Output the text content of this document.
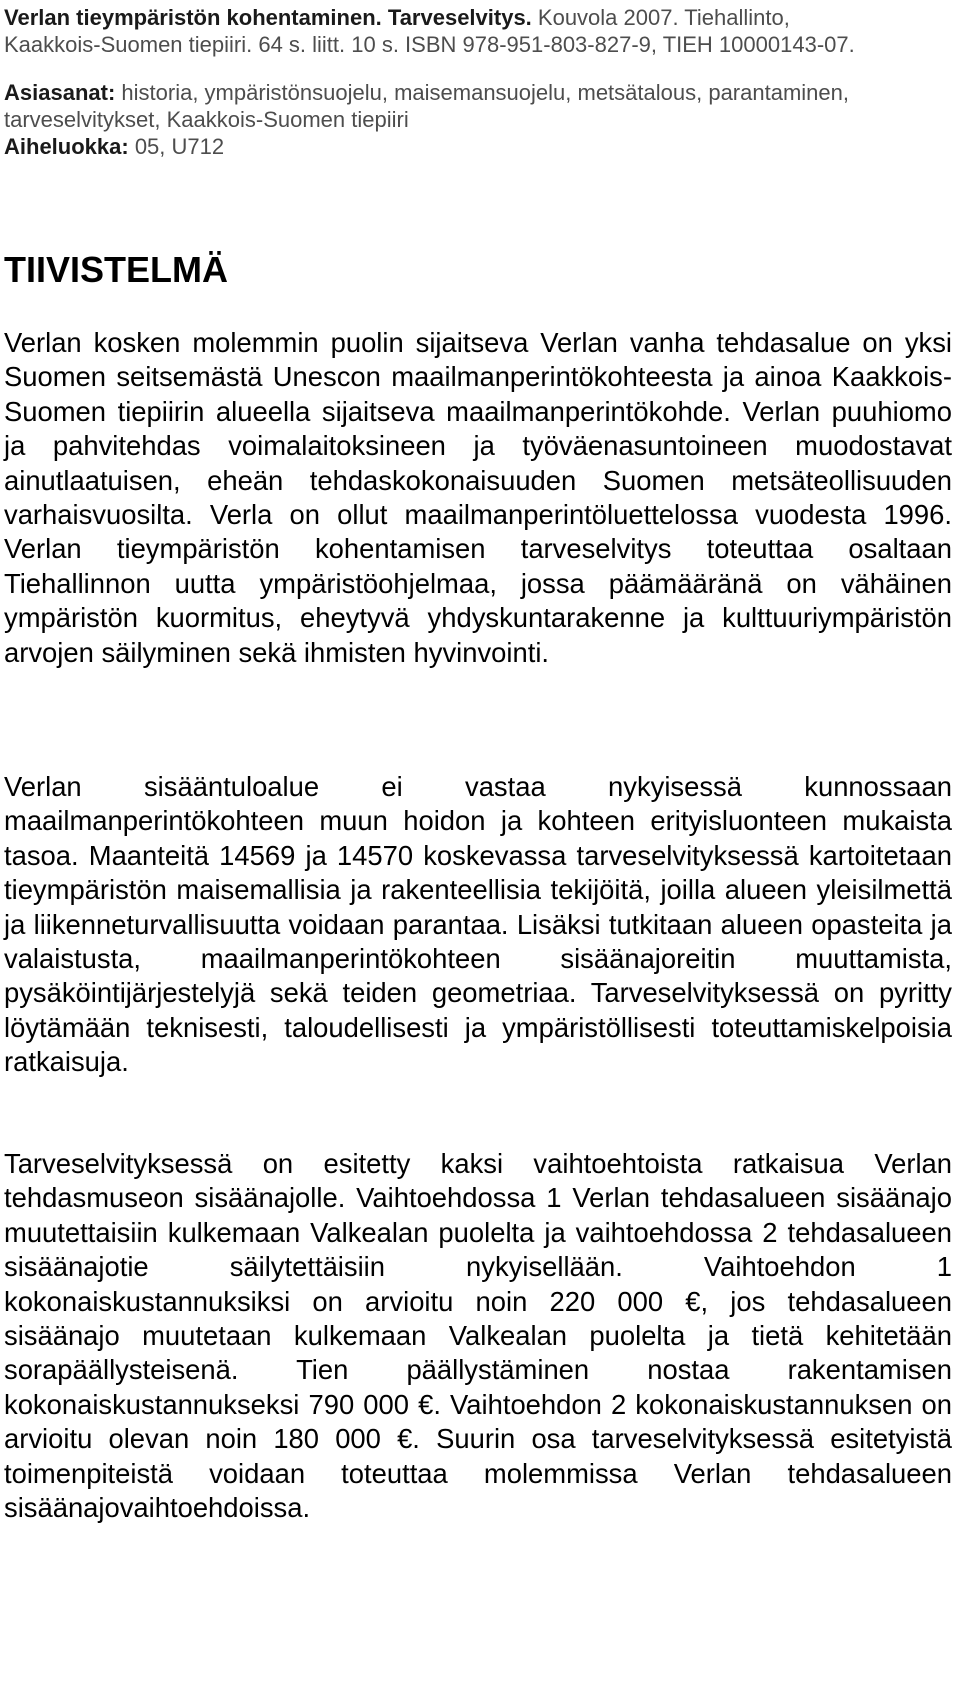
Verlan tieympäristön kohentaminen. Tarveselvitys. Kouvola 2007. Tiehallinto,
Kaakkois-Suomen tiepiiri. 64 s. liitt. 10 s. ISBN 978-951-803-827-9, TIEH 10000143-07.
Asiasanat: historia, ympäristönsuojelu, maisemansuojelu, metsätalous, parantaminen, tarveselvitykset, Kaakkois-Suomen tiepiiri
Aiheluokka: 05, U712
TIIVISTELMÄ

Verlan kosken molemmin puolin sijaitseva Verlan vanha tehdasalue on yksi Suomen seitsemästä Unescon maailmanperintökohteesta ja ainoa Kaakkois-Suomen tiepiirin alueella sijaitseva maailmanperintökohde. Verlan puuhiomo ja pahvitehdas voimalaitoksineen ja työväenasuntoineen muodostavat ainutlaatuisen, eheän tehdaskokonaisuuden Suomen metsäteollisuuden varhaisvuosilta. Verla on ollut maailmanperintöluettelossa vuodesta 1996. Verlan tieympäristön kohentamisen tarveselvitys toteuttaa osaltaan Tiehallinnon uutta ympäristöohjelmaa, jossa päämääränä on vähäinen ympäristön kuormitus, eheytyvä yhdyskuntarakenne ja kulttuuriympäristön arvojen säilyminen sekä ihmisten hyvinvointi.

Verlan sisääntuloalue ei vastaa nykyisessä kunnossaan maailmanperintökohteen muun hoidon ja kohteen erityisluonteen mukaista tasoa. Maanteitä 14569 ja 14570 koskevassa tarveselvityksessä kartoitetaan tieympäristön maisemallisia ja rakenteellisia tekijöitä, joilla alueen yleisilmettä ja liikenneturvallisuutta voidaan parantaa. Lisäksi tutkitaan alueen opasteita ja valaistusta, maailmanperintökohteen sisäänajoreitin muuttamista, pysäköintijärjestelyjä sekä teiden geometriaa. Tarveselvityksessä on pyritty löytämään teknisesti, taloudellisesti ja ympäristöllisesti toteuttamiskelpoisia ratkaisuja.

Tarveselvityksessä on esitetty kaksi vaihtoehtoista ratkaisua Verlan tehdasmuseon sisäänajolle. Vaihtoehdossa 1 Verlan tehdasalueen sisäänajo muutettaisiin kulkemaan Valkealan puolelta ja vaihtoehdossa 2 tehdasalueen sisäänajotie säilytettäisiin nykyisellään. Vaihtoehdon 1 kokonaiskustannuksiksi on arvioitu noin 220 000 €, jos tehdasalueen sisäänajo muutetaan kulkemaan Valkealan puolelta ja tietä kehitetään sorapäällysteisenä. Tien päällystäminen nostaa rakentamisen kokonaiskustannukseksi 790 000 €. Vaihtoehdon 2 kokonaiskustannuksen on arvioitu olevan noin 180 000 €. Suurin osa tarveselvityksessä esitetyistä toimenpiteistä voidaan toteuttaa molemmissa Verlan tehdasalueen sisäänajovaihtoehdoissa.
